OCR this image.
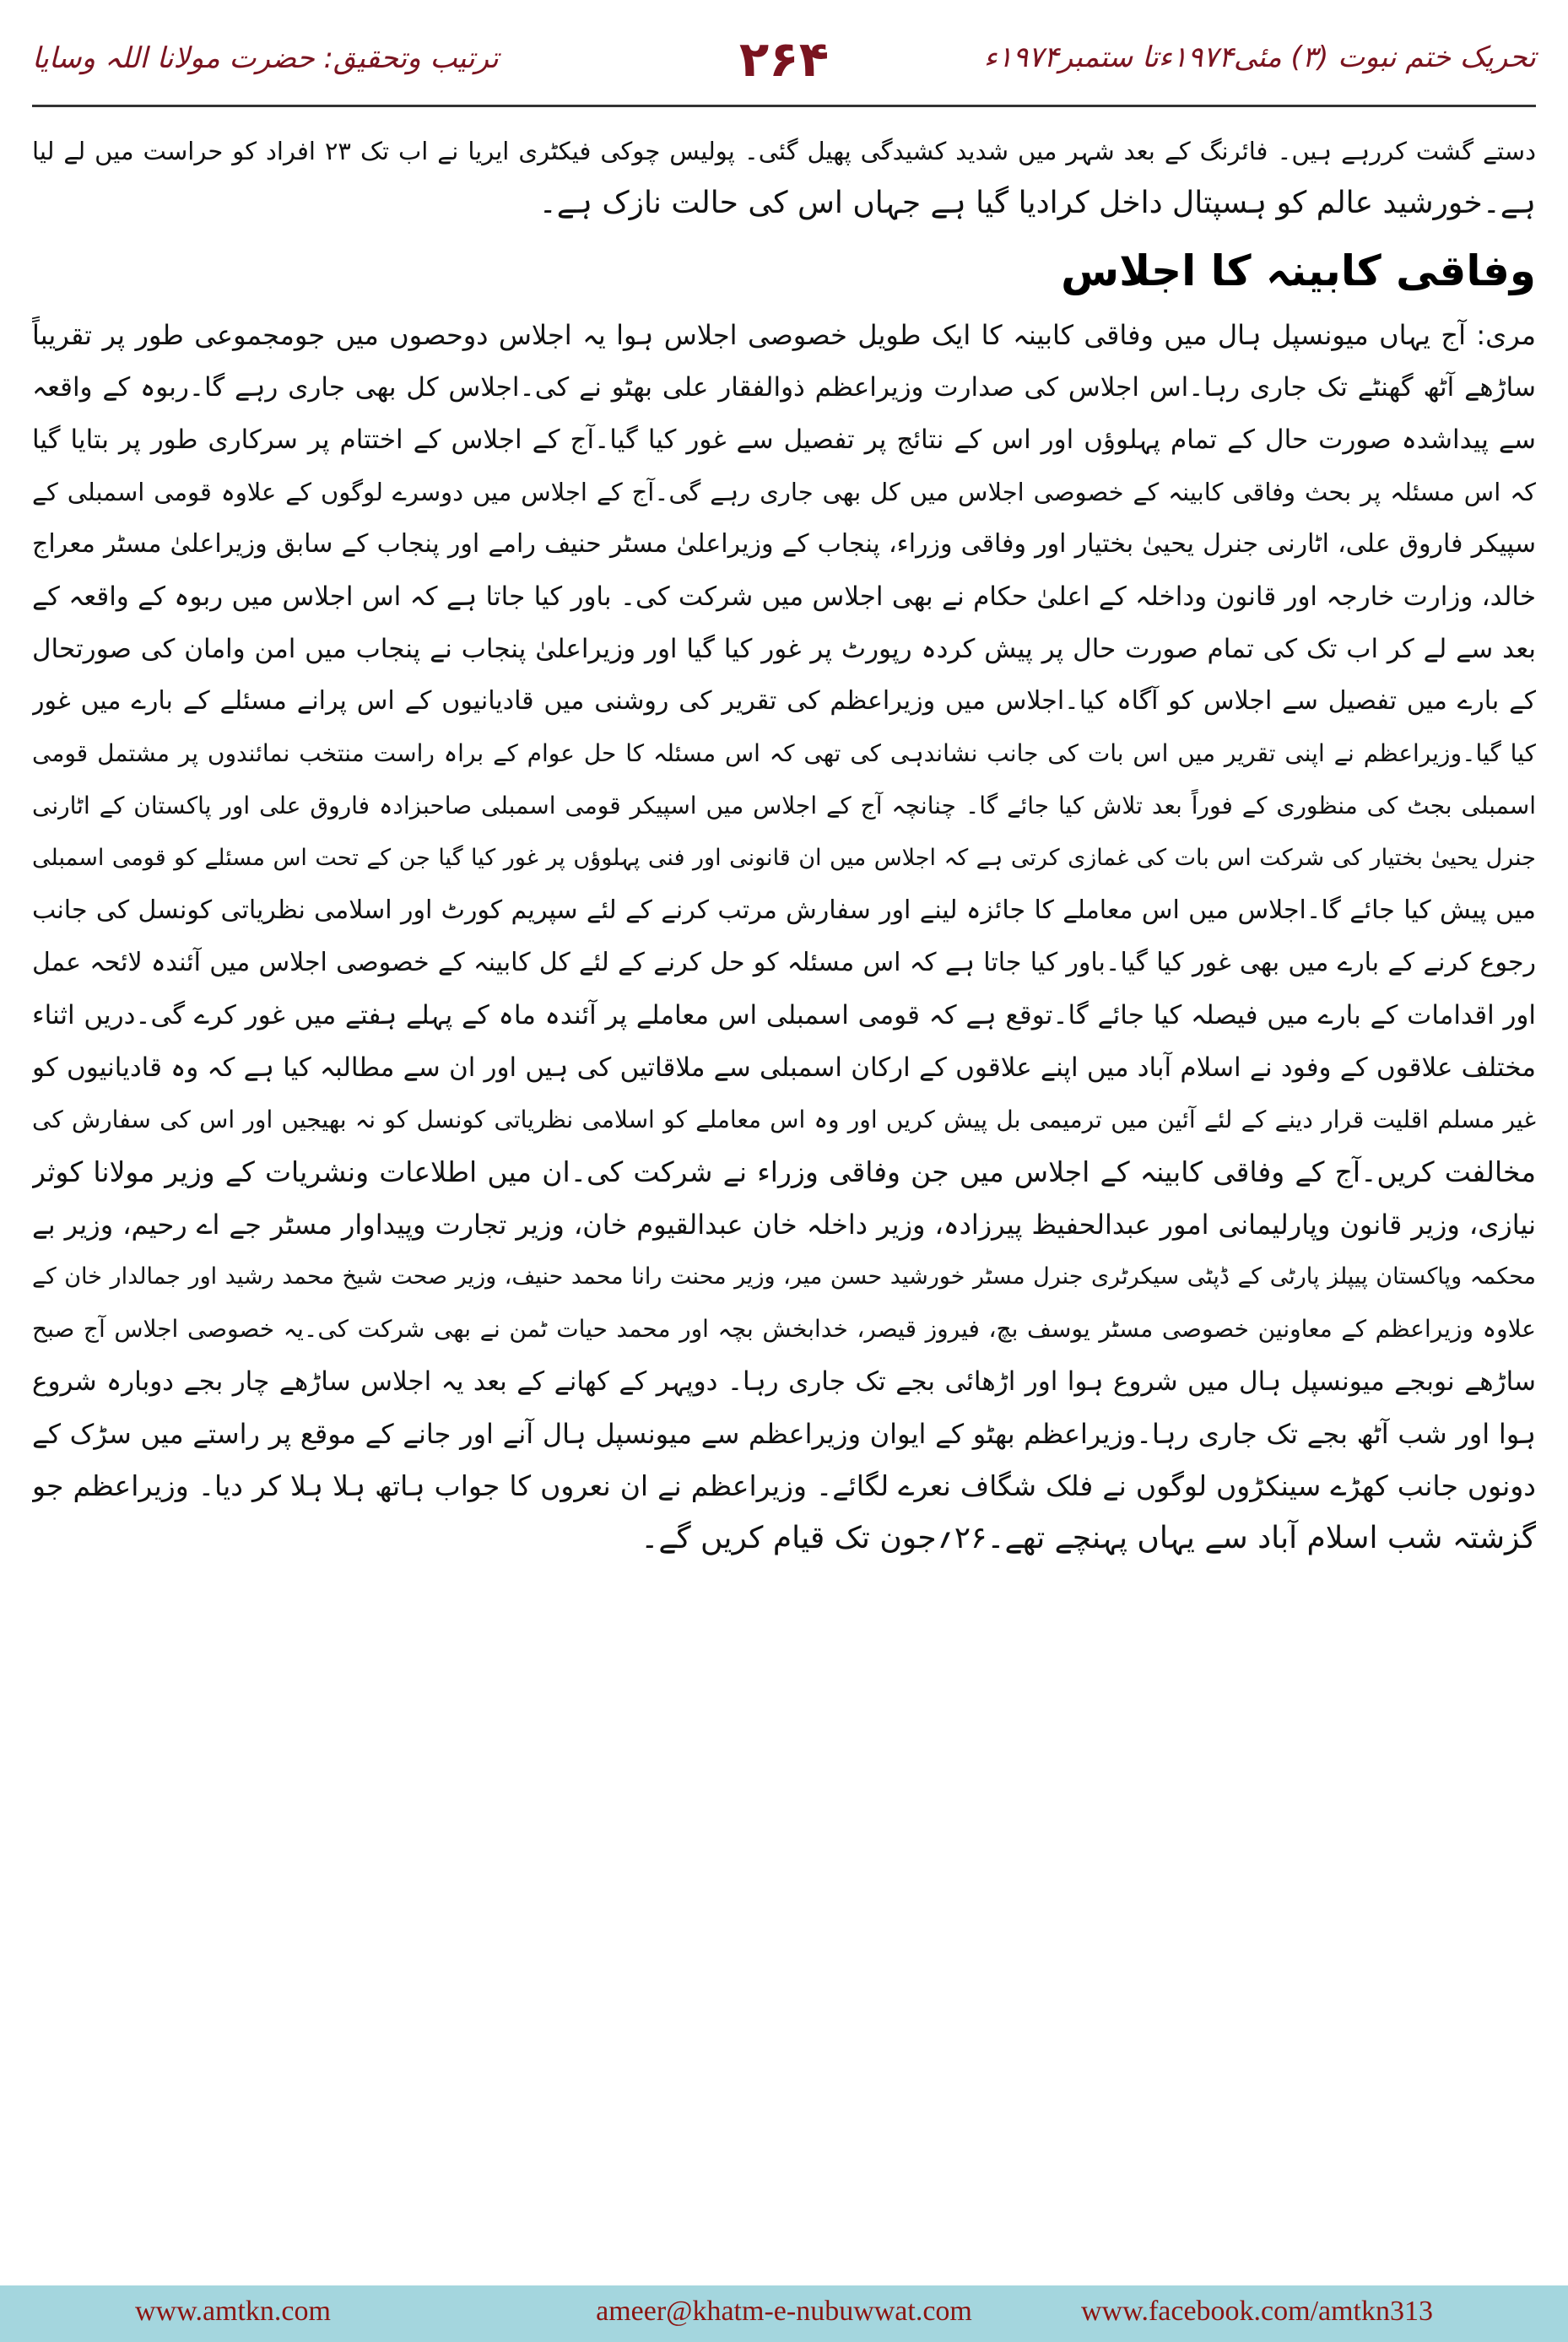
تحریک ختم نبوت (۳) مئی۱۹۷۴ءتا ستمبر۱۹۷۴ء
۲۶۴
ترتیب وتحقیق: حضرت مولانا اللہ وسایا
دستے گشت کررہے ہیں۔ فائرنگ کے بعد شہر میں شدید کشیدگی پھیل گئی۔ پولیس چوکی فیکٹری ایریا نے اب تک ۲۳ افراد کو حراست میں لے لیا
ہے۔خورشید عالم کو ہسپتال داخل کرادیا گیا ہے جہاں اس کی حالت نازک ہے۔
وفاقی کابینہ کا اجلاس
مری: آج یہاں میونسپل ہال میں وفاقی کابینہ کا ایک طویل خصوصی اجلاس ہوا یہ اجلاس دوحصوں میں جومجموعی طور پر تقریباً
ساڑھے آٹھ گھنٹے تک جاری رہا۔اس اجلاس کی صدارت وزیراعظم ذوالفقار علی بھٹو نے کی۔اجلاس کل بھی جاری رہے گا۔ربوہ کے واقعہ
سے پیداشدہ صورت حال کے تمام پہلوؤں اور اس کے نتائج پر تفصیل سے غور کیا گیا۔آج کے اجلاس کے اختتام پر سرکاری طور پر بتایا گیا
کہ اس مسئلہ پر بحث وفاقی کابینہ کے خصوصی اجلاس میں کل بھی جاری رہے گی۔آج کے اجلاس میں دوسرے لوگوں کے علاوہ قومی اسمبلی کے
سپیکر فاروق علی، اٹارنی جنرل یحییٰ بختیار اور وفاقی وزراء، پنجاب کے وزیراعلیٰ مسٹر حنیف رامے اور پنجاب کے سابق وزیراعلیٰ مسٹر معراج
خالد، وزارت خارجہ اور قانون وداخلہ کے اعلیٰ حکام نے بھی اجلاس میں شرکت کی۔ باور کیا جاتا ہے کہ اس اجلاس میں ربوہ کے واقعہ کے
بعد سے لے کر اب تک کی تمام صورت حال پر پیش کردہ رپورٹ پر غور کیا گیا اور وزیراعلیٰ پنجاب نے پنجاب میں امن وامان کی صورتحال
کے بارے میں تفصیل سے اجلاس کو آگاہ کیا۔اجلاس میں وزیراعظم کی تقریر کی روشنی میں قادیانیوں کے اس پرانے مسئلے کے بارے میں غور
کیا گیا۔وزیراعظم نے اپنی تقریر میں اس بات کی جانب نشاندہی کی تھی کہ اس مسئلہ کا حل عوام کے براہ راست منتخب نمائندوں پر مشتمل قومی
اسمبلی بجٹ کی منظوری کے فوراً بعد تلاش کیا جائے گا۔ چنانچہ آج کے اجلاس میں اسپیکر قومی اسمبلی صاحبزادہ فاروق علی اور پاکستان کے اٹارنی
جنرل یحییٰ بختیار کی شرکت اس بات کی غمازی کرتی ہے کہ اجلاس میں ان قانونی اور فنی پہلوؤں پر غور کیا گیا جن کے تحت اس مسئلے کو قومی اسمبلی
میں پیش کیا جائے گا۔اجلاس میں اس معاملے کا جائزہ لینے اور سفارش مرتب کرنے کے لئے سپریم کورٹ اور اسلامی نظریاتی کونسل کی جانب
رجوع کرنے کے بارے میں بھی غور کیا گیا۔باور کیا جاتا ہے کہ اس مسئلہ کو حل کرنے کے لئے کل کابینہ کے خصوصی اجلاس میں آئندہ لائحہ عمل
اور اقدامات کے بارے میں فیصلہ کیا جائے گا۔توقع ہے کہ قومی اسمبلی اس معاملے پر آئندہ ماہ کے پہلے ہفتے میں غور کرے گی۔دریں اثناء
مختلف علاقوں کے وفود نے اسلام آباد میں اپنے علاقوں کے ارکان اسمبلی سے ملاقاتیں کی ہیں اور ان سے مطالبہ کیا ہے کہ وہ قادیانیوں کو
غیر مسلم اقلیت قرار دینے کے لئے آئین میں ترمیمی بل پیش کریں اور وہ اس معاملے کو اسلامی نظریاتی کونسل کو نہ بھیجیں اور اس کی سفارش کی
مخالفت کریں۔آج کے وفاقی کابینہ کے اجلاس میں جن وفاقی وزراء نے شرکت کی۔ان میں اطلاعات ونشریات کے وزیر مولانا کوثر
نیازی، وزیر قانون وپارلیمانی امور عبدالحفیظ پیرزادہ، وزیر داخلہ خان عبدالقیوم خان، وزیر تجارت وپیداوار مسٹر جے اے رحیم، وزیر بے
محکمہ وپاکستان پیپلز پارٹی کے ڈپٹی سیکرٹری جنرل مسٹر خورشید حسن میر، وزیر محنت رانا محمد حنیف، وزیر صحت شیخ محمد رشید اور جمالدار خان کے
علاوہ وزیراعظم کے معاونین خصوصی مسٹر یوسف بچ، فیروز قیصر، خدابخش بچہ اور محمد حیات ٹمن نے بھی شرکت کی۔یہ خصوصی اجلاس آج صبح
ساڑھے نوبجے میونسپل ہال میں شروع ہوا اور اڑھائی بجے تک جاری رہا۔ دوپہر کے کھانے کے بعد یہ اجلاس ساڑھے چار بجے دوبارہ شروع
ہوا اور شب آٹھ بجے تک جاری رہا۔وزیراعظم بھٹو کے ایوان وزیراعظم سے میونسپل ہال آنے اور جانے کے موقع پر راستے میں سڑک کے
دونوں جانب کھڑے سینکڑوں لوگوں نے فلک شگاف نعرے لگائے۔ وزیراعظم نے ان نعروں کا جواب ہاتھ ہلا ہلا کر دیا۔ وزیراعظم جو
گزشتہ شب اسلام آباد سے یہاں پہنچے تھے۔۲۶؍جون تک قیام کریں گے۔
www.amtkn.com	ameer@khatm-e-nubuwwat.com	www.facebook.com/amtkn313
